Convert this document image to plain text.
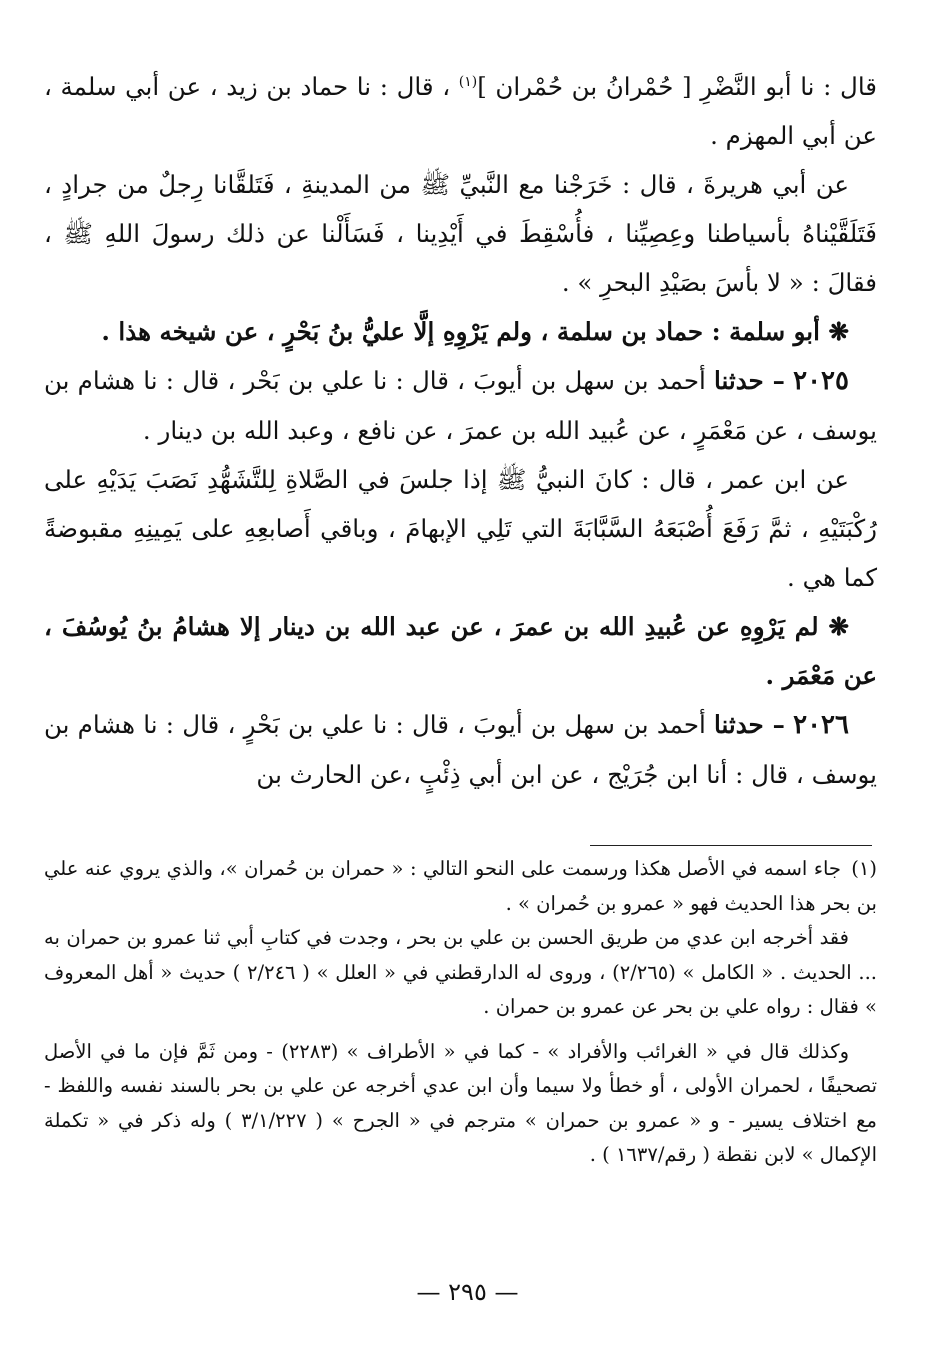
قال : نا أبو النَّضْرِ [ حُمْرانُ بن حُمْران ]$^{(١)}$ ، قال : نا حماد بن زيد ، عن أبي سلمة ، عن أبي المهزم .

عن أبي هريرةَ ، قال : خَرَجْنا مع النَّبيِّ ﷺ من المدينةِ ، فَتَلقَّانا رِجلٌ من جرادٍ ، فَتَلَقَّيْناهُ بأسياطنا وعِصِيِّنا ، فأُسْقِطَ في أَيْدِينا ، فَسَأَلْنا عن ذلك رسولَ اللهِ ﷺ ، فقالَ : « لا بأسَ بصَيْدِ البحرِ » .

❋ أبو سلمة : حماد بن سلمة ، ولم يَرْوِهِ إلَّا عليُّ بنُ بَحْرٍ ، عن شيخه هذا .

٢٠٢٥ – حدثنا أحمد بن سهل بن أيوبَ ، قال : نا علي بن بَحْر ، قال : نا هشام بن يوسف ، عن مَعْمَرٍ ، عن عُبيد الله بن عمرَ ، عن نافع ، وعبد الله بن دينار .

عن ابن عمر ، قال : كانَ النبيُّ ﷺ إذا جلسَ في الصَّلاةِ لِلتَّشَهُّدِ نَصَبَ يَدَيْهِ على رُكْبَتَيْهِ ، ثمَّ رَفَعَ أُصْبَعَهُ السَّبَّابَةَ التي تَلِي الإبهامَ ، وباقي أَصابعِهِ على يَمِينِهِ مقبوضةً كما هي .

❋ لم يَرْوِهِ عن عُبيدِ الله بن عمرَ ، عن عبد الله بن دينار إلا هشامُ بنُ يُوسُفَ ، عن مَعْمَر .

٢٠٢٦ – حدثنا أحمد بن سهل بن أيوبَ ، قال : نا علي بن بَحْرٍ ، قال : نا هشام بن يوسف ، قال : أنا ابن جُرَيْج ، عن ابن أبي ذِئْبٍ ،عن الحارث بن

(١)جاء اسمه في الأصل هكذا ورسمت على النحو التالي : « حمران بن حُمران »، والذي يروي عنه علي بن بحر هذا الحديث فهو « عمرو بن حُمران » .

فقد أخرجه ابن عدي من طريق الحسن بن علي بن بحر ، وجدت في كتابِ أبي ثنا عمرو بن حمران به ... الحديث . « الكامل » (٢/٢٦٥) ، وروى له الدارقطني في « العلل » ( ٢/٢٤٦ ) حديث « أهل المعروف » فقال : رواه علي بن بحر عن عمرو بن حمران .

وكذلك قال في « الغرائب والأفراد » - كما في « الأطراف » (٢٢٨٣) - ومن ثَمَّ فإن ما في الأصل تصحيفًا ، لحمران الأولى ، أو خطأ ولا سيما وأن ابن عدي أخرجه عن علي بن بحر بالسند نفسه واللفظ - مع اختلاف يسير - و « عمرو بن حمران » مترجم في « الجرح » ( ٣/١/٢٢٧ ) وله ذكر في « تكملة الإكمال » لابن نقطة ( رقم/١٦٣٧ ) .

— ٢٩٥ —
